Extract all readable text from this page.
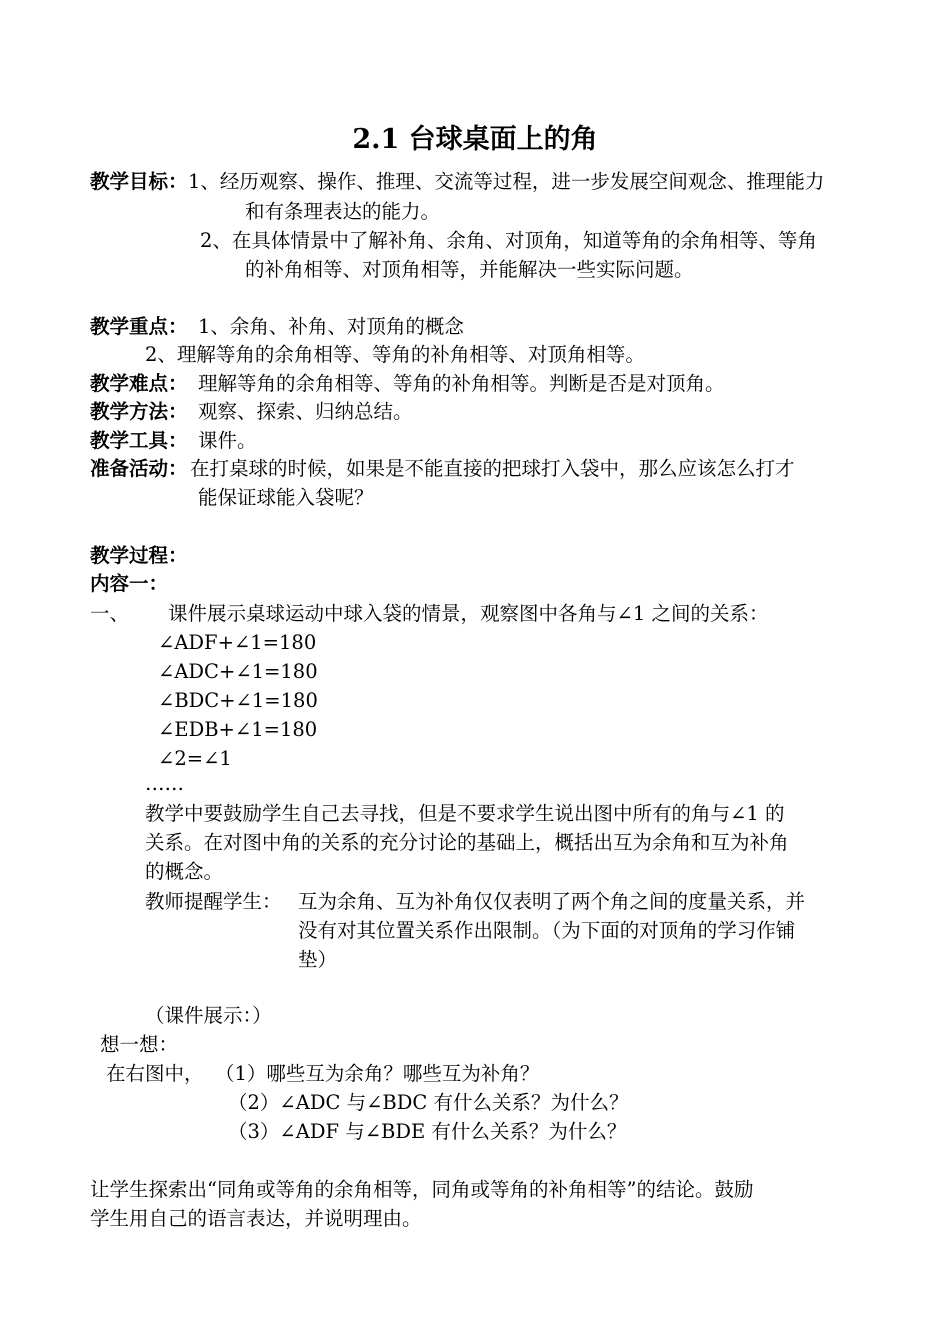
2.1 台球桌面上的角
教学目标： 1、经历观察、操作、推理、交流等过程，进一步发展空间观念、推理能力
和有条理表达的能力。
2、在具体情景中了解补角、余角、对顶角，知道等角的余角相等、等角
的补角相等、对顶角相等，并能解决一些实际问题。
教学重点： 1、余角、补角、对顶角的概念
2、理解等角的余角相等、等角的补角相等、对顶角相等。
教学难点： 理解等角的余角相等、等角的补角相等。判断是否是对顶角。
教学方法： 观察、探索、归纳总结。
教学工具： 课件。
准备活动： 在打桌球的时候，如果是不能直接的把球打入袋中，那么应该怎么打才
能保证球能入袋呢？
教学过程：
内容一：
一、 课件展示桌球运动中球入袋的情景，观察图中各角与∠1 之间的关系：
∠ADF+∠1=180
∠ADC+∠1=180
∠BDC+∠1=180
∠EDB+∠1=180
∠2=∠1
……
教学中要鼓励学生自己去寻找，但是不要求学生说出图中所有的角与∠1 的
关系。在对图中角的关系的充分讨论的基础上，概括出互为余角和互为补角
的概念。
教师提醒学生： 互为余角、互为补角仅仅表明了两个角之间的度量关系，并
没有对其位置关系作出限制。（为下面的对顶角的学习作铺
垫）
（课件展示：）
想一想：
在右图中， （1）哪些互为余角？哪些互为补角？
（2）∠ADC 与∠BDC 有什么关系？为什么？
（3）∠ADF 与∠BDE 有什么关系？为什么？
让学生探索出“同角或等角的余角相等，同角或等角的补角相等”的结论。鼓励
学生用自己的语言表达，并说明理由。
